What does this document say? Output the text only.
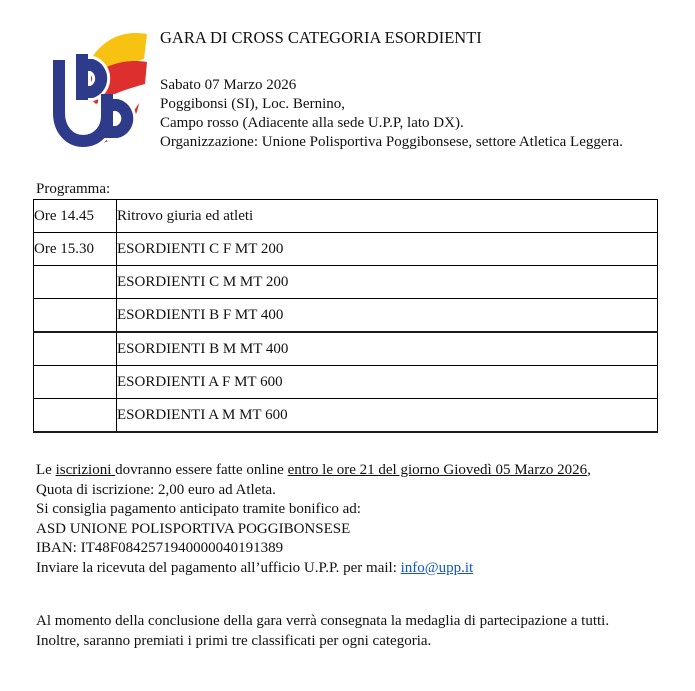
GARA DI CROSS CATEGORIA ESORDIENTI
Sabato 07 Marzo 2026
Poggibonsi (SI), Loc. Bernino,
Campo rosso (Adiacente alla sede U.P.P, lato DX).
Organizzazione: Unione Polisportiva Poggibonsese, settore Atletica Leggera.
Programma:
Ore 14.45	Ritrovo giuria ed atleti
Ore 15.30	ESORDIENTI C F MT 200
	ESORDIENTI C M MT 200
	ESORDIENTI B F MT 400
	ESORDIENTI B M MT 400
	ESORDIENTI A F MT 600
	ESORDIENTI A M MT 600
Le iscrizioni dovranno essere fatte online entro le ore 21 del giorno Giovedì 05 Marzo 2026,
Quota di iscrizione: 2,00 euro ad Atleta.
Si consiglia pagamento anticipato tramite bonifico ad:
ASD UNIONE POLISPORTIVA POGGIBONSESE
IBAN: IT48F0842571940000040191389
Inviare la ricevuta del pagamento all’ufficio U.P.P. per mail: info@upp.it
Al momento della conclusione della gara verrà consegnata la medaglia di partecipazione a tutti.
Inoltre, saranno premiati i primi tre classificati per ogni categoria.
